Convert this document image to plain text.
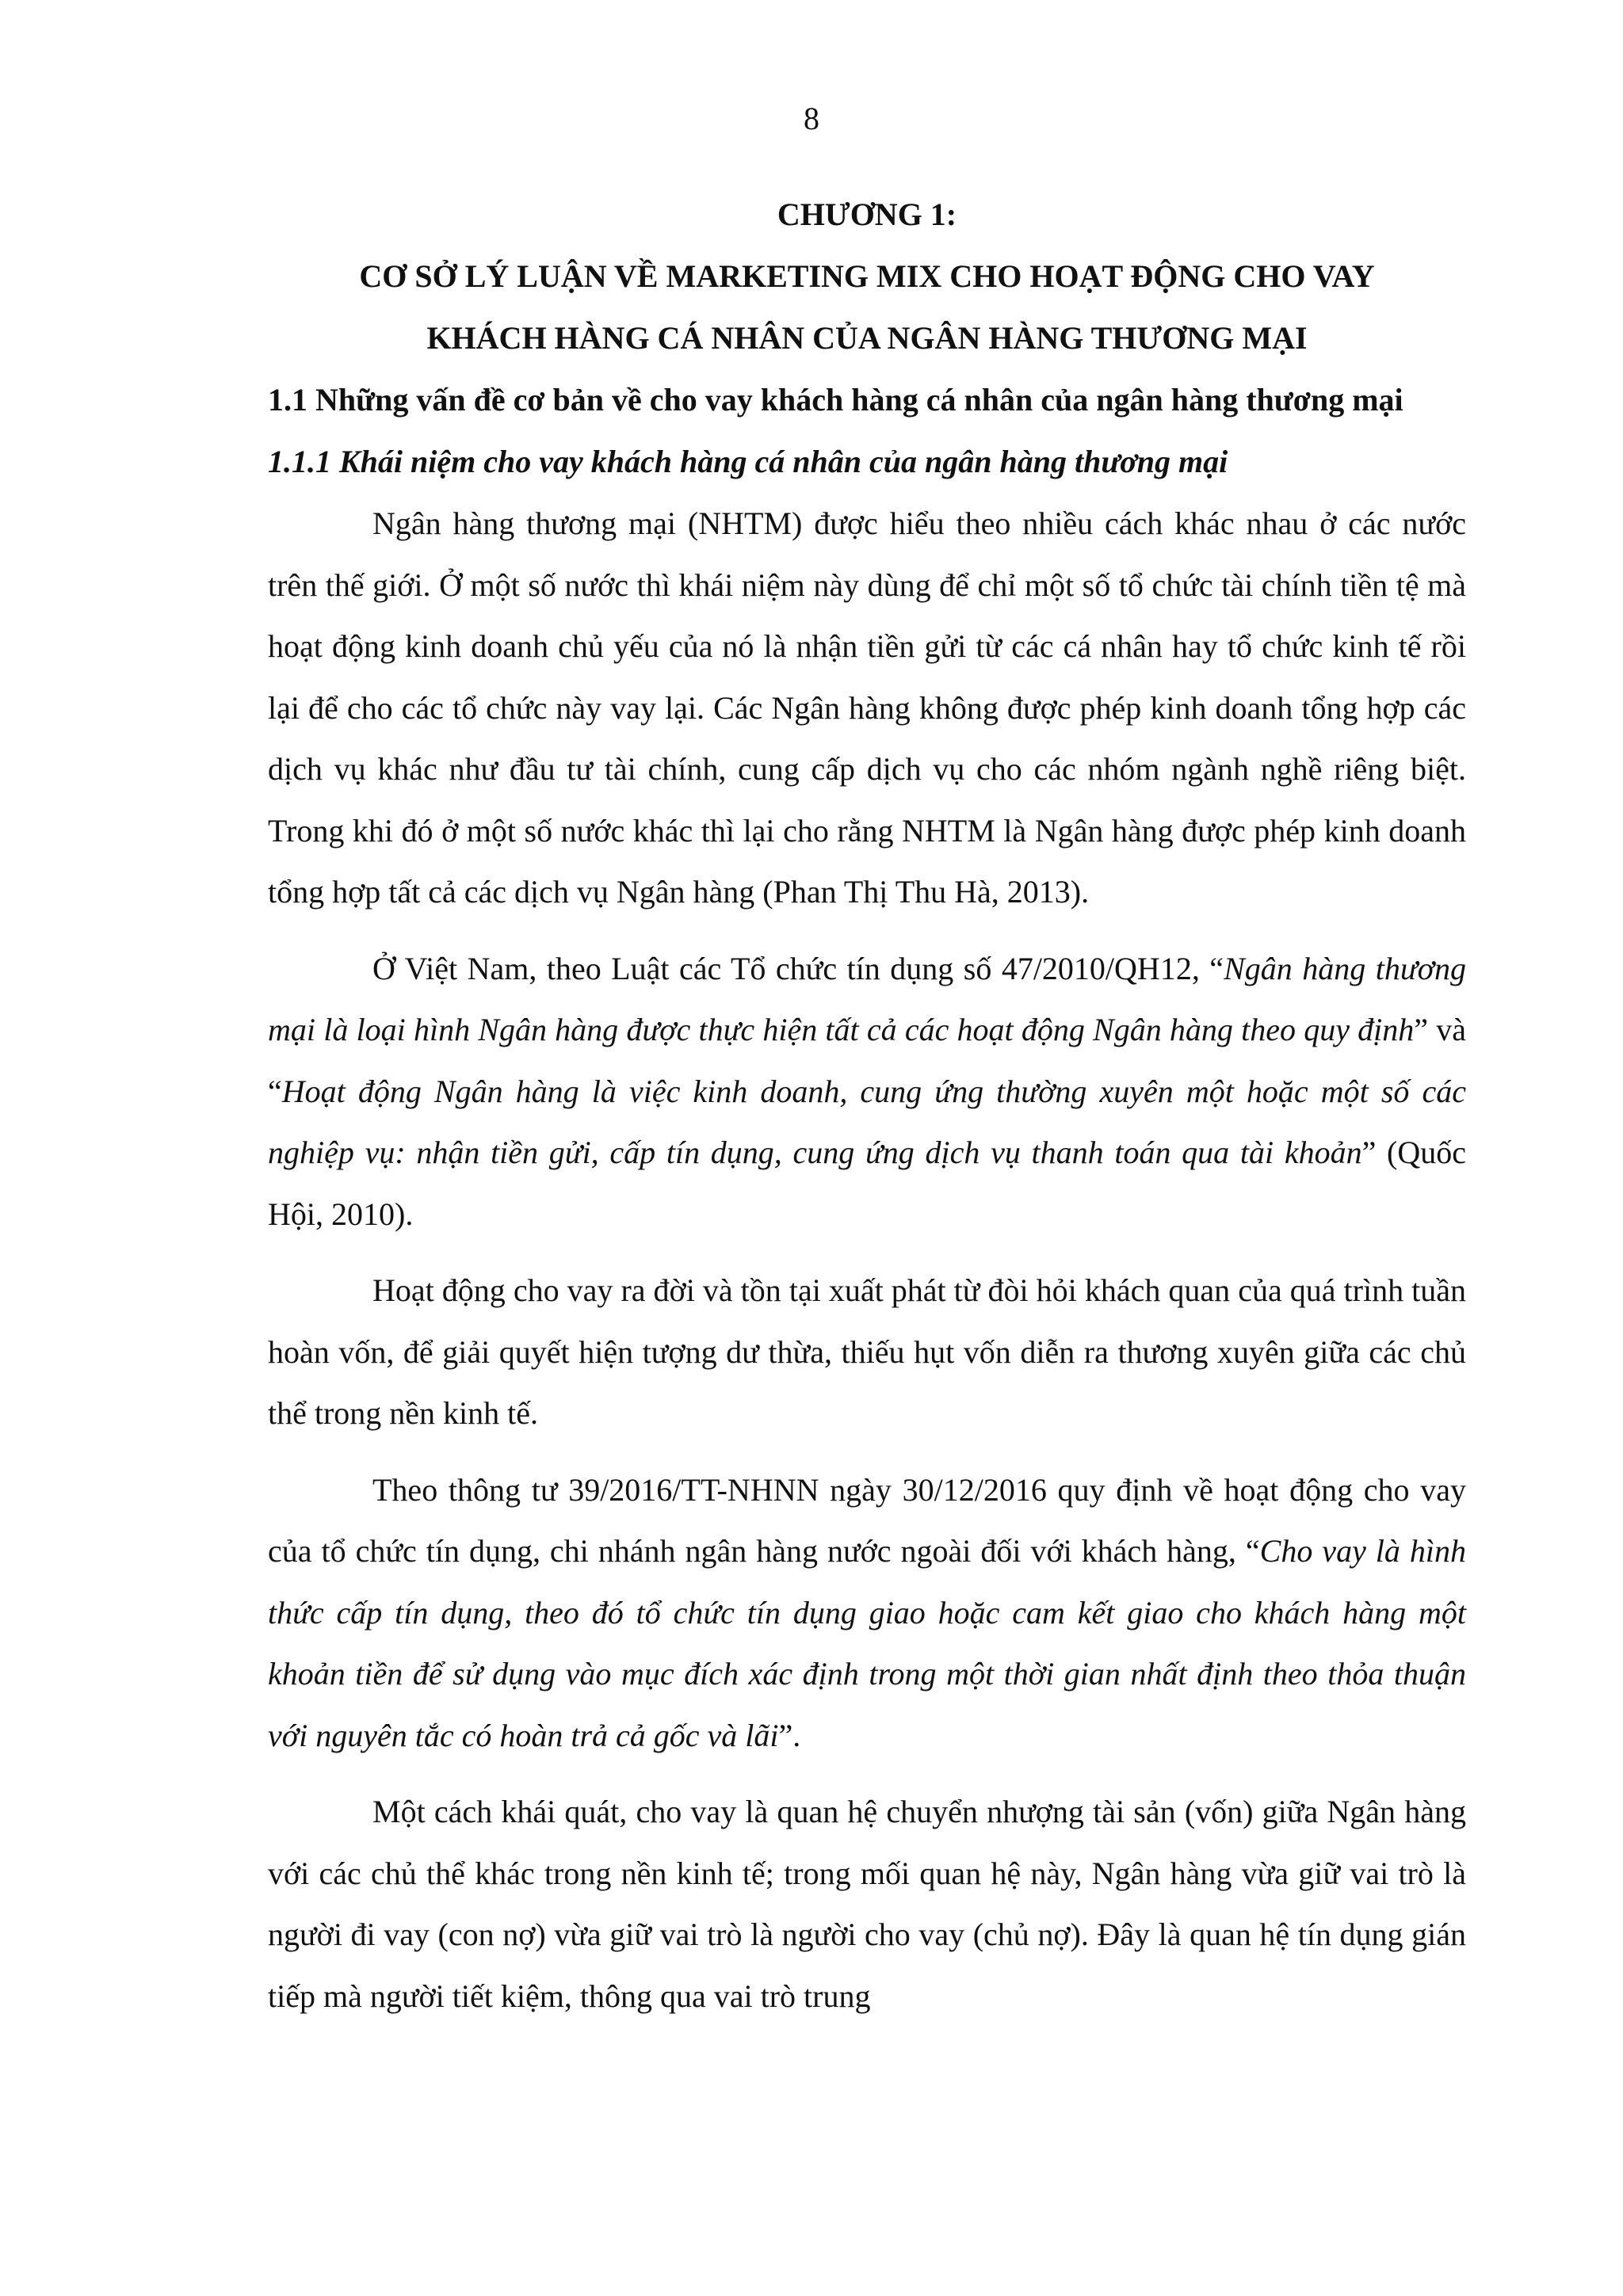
8

CHƯƠNG 1:
CƠ SỞ LÝ LUẬN VỀ MARKETING MIX CHO HOẠT ĐỘNG CHO VAY
KHÁCH HÀNG CÁ NHÂN CỦA NGÂN HÀNG THƯƠNG MẠI
1.1 Những vấn đề cơ bản về cho vay khách hàng cá nhân của ngân hàng thương mại
1.1.1 Khái niệm cho vay khách hàng cá nhân của ngân hàng thương mại

Ngân hàng thương mại (NHTM) được hiểu theo nhiều cách khác nhau ở các nước trên thế giới. Ở một số nước thì khái niệm này dùng để chỉ một số tổ chức tài chính tiền tệ mà hoạt động kinh doanh chủ yếu của nó là nhận tiền gửi từ các cá nhân hay tổ chức kinh tế rồi lại để cho các tổ chức này vay lại. Các Ngân hàng không được phép kinh doanh tổng hợp các dịch vụ khác như đầu tư tài chính, cung cấp dịch vụ cho các nhóm ngành nghề riêng biệt. Trong khi đó ở một số nước khác thì lại cho rằng NHTM là Ngân hàng được phép kinh doanh tổng hợp tất cả các dịch vụ Ngân hàng (Phan Thị Thu Hà, 2013).

Ở Việt Nam, theo Luật các Tổ chức tín dụng số 47/2010/QH12, “Ngân hàng thương mại là loại hình Ngân hàng được thực hiện tất cả các hoạt động Ngân hàng theo quy định” và “Hoạt động Ngân hàng là việc kinh doanh, cung ứng thường xuyên một hoặc một số các nghiệp vụ: nhận tiền gửi, cấp tín dụng, cung ứng dịch vụ thanh toán qua tài khoản” (Quốc Hội, 2010).

Hoạt động cho vay ra đời và tồn tại xuất phát từ đòi hỏi khách quan của quá trình tuần hoàn vốn, để giải quyết hiện tượng dư thừa, thiếu hụt vốn diễn ra thương xuyên giữa các chủ thể trong nền kinh tế.

Theo thông tư 39/2016/TT-NHNN ngày 30/12/2016 quy định về hoạt động cho vay của tổ chức tín dụng, chi nhánh ngân hàng nước ngoài đối với khách hàng, “Cho vay là hình thức cấp tín dụng, theo đó tổ chức tín dụng giao hoặc cam kết giao cho khách hàng một khoản tiền để sử dụng vào mục đích xác định trong một thời gian nhất định theo thỏa thuận với nguyên tắc có hoàn trả cả gốc và lãi”.

Một cách khái quát, cho vay là quan hệ chuyển nhượng tài sản (vốn) giữa Ngân hàng với các chủ thể khác trong nền kinh tế; trong mối quan hệ này, Ngân hàng vừa giữ vai trò là người đi vay (con nợ) vừa giữ vai trò là người cho vay (chủ nợ). Đây là quan hệ tín dụng gián tiếp mà người tiết kiệm, thông qua vai trò trung
